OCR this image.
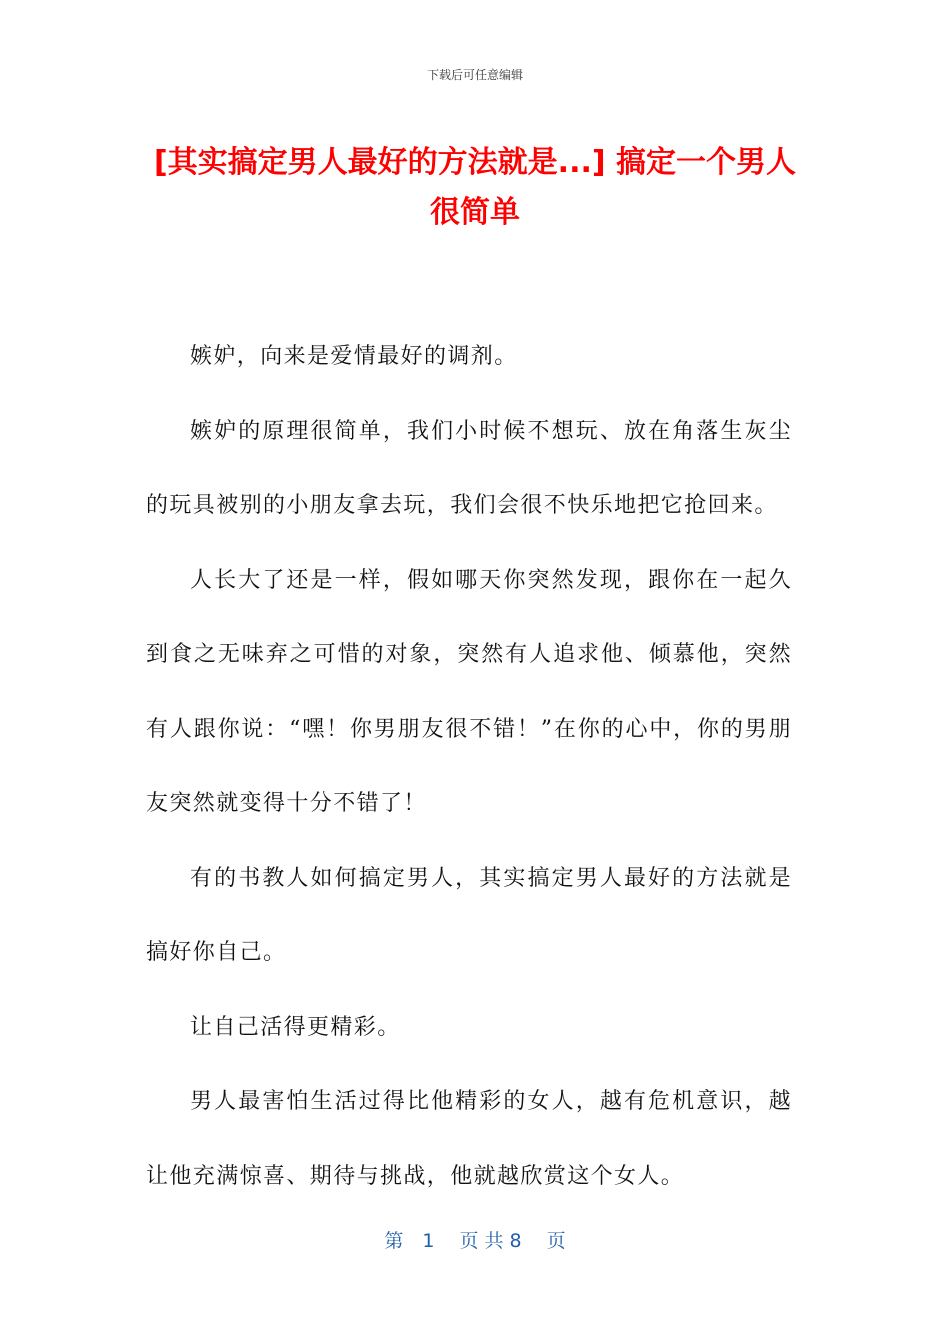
下载后可任意编辑
[其实搞定男人最好的方法就是...] 搞定一个男人很简单

嫉妒，向来是爱情最好的调剂。

嫉妒的原理很简单，我们小时候不想玩、放在角落生灰尘的玩具被别的小朋友拿去玩，我们会很不快乐地把它抢回来。

人长大了还是一样，假如哪天你突然发现，跟你在一起久到食之无味弃之可惜的对象，突然有人追求他、倾慕他，突然有人跟你说：“嘿！你男朋友很不错！”在你的心中，你的男朋友突然就变得十分不错了！

有的书教人如何搞定男人，其实搞定男人最好的方法就是搞好你自己。

让自己活得更精彩。

男人最害怕生活过得比他精彩的女人，越有危机意识，越让他充满惊喜、期待与挑战，他就越欣赏这个女人。

第　1　 页 共 8　 页
